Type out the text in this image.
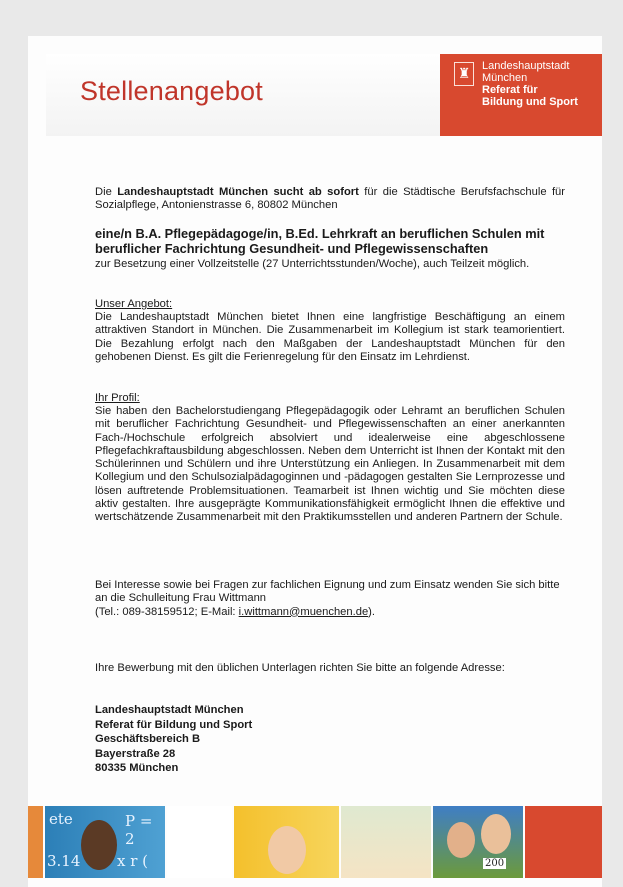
Stellenangebot
♜	Landeshauptstadt
München
Referat für
Bildung und Sport
Die Landeshauptstadt München sucht ab sofort für die Städtische Berufsfachschule für Sozialpflege, Antonienstrasse 6, 80802 München
eine/n B.A. Pflegepädagoge/in, B.Ed. Lehrkraft an beruflichen Schulen mit beruflicher Fachrichtung Gesundheit- und Pflegewissenschaften
zur Besetzung einer Vollzeitstelle (27 Unterrichtsstunden/Woche), auch Teilzeit möglich.
Unser Angebot:
Die Landeshauptstadt München bietet Ihnen eine langfristige Beschäftigung an einem attraktiven Standort in München. Die Zusammenarbeit im Kollegium ist stark teamorientiert. Die Bezahlung erfolgt nach den Maßgaben der Landeshauptstadt München für den gehobenen Dienst. Es gilt die Ferienregelung für den Einsatz im Lehrdienst.
Ihr Profil:
Sie haben den Bachelorstudiengang Pflegepädagogik oder Lehramt an beruflichen Schulen mit beruflicher Fachrichtung Gesundheit- und Pflegewissenschaften an einer anerkannten Fach-/Hochschule erfolgreich absolviert und idealerweise eine abgeschlossene Pflegefachkraftausbildung abgeschlossen. Neben dem Unterricht ist Ihnen der Kontakt mit den Schülerinnen und Schülern und ihre Unterstützung ein Anliegen. In Zusammenarbeit mit dem Kollegium und den Schulsozialpädagoginnen und -pädagogen gestalten Sie Lernprozesse und lösen auftretende Problemsituationen. Teamarbeit ist Ihnen wichtig und Sie möchten diese aktiv gestalten. Ihre ausgeprägte Kommunikationsfähigkeit ermöglicht Ihnen die effektive und wertschätzende Zusammenarbeit mit den Praktikumsstellen und anderen Partnern der Schule.
Bei Interesse sowie bei Fragen zur fachlichen Eignung und zum Einsatz wenden Sie sich bitte an die Schulleitung Frau Wittmann
(Tel.: 089-38159512; E-Mail: i.wittmann@muenchen.de).
Ihre Bewerbung mit den üblichen Unterlagen richten Sie bitte an folgende Adresse:
Landeshauptstadt München
Referat für Bildung und Sport
Geschäftsbereich B
Bayerstraße 28
80335 München
ete	P = 2
3.14 x r (	200
